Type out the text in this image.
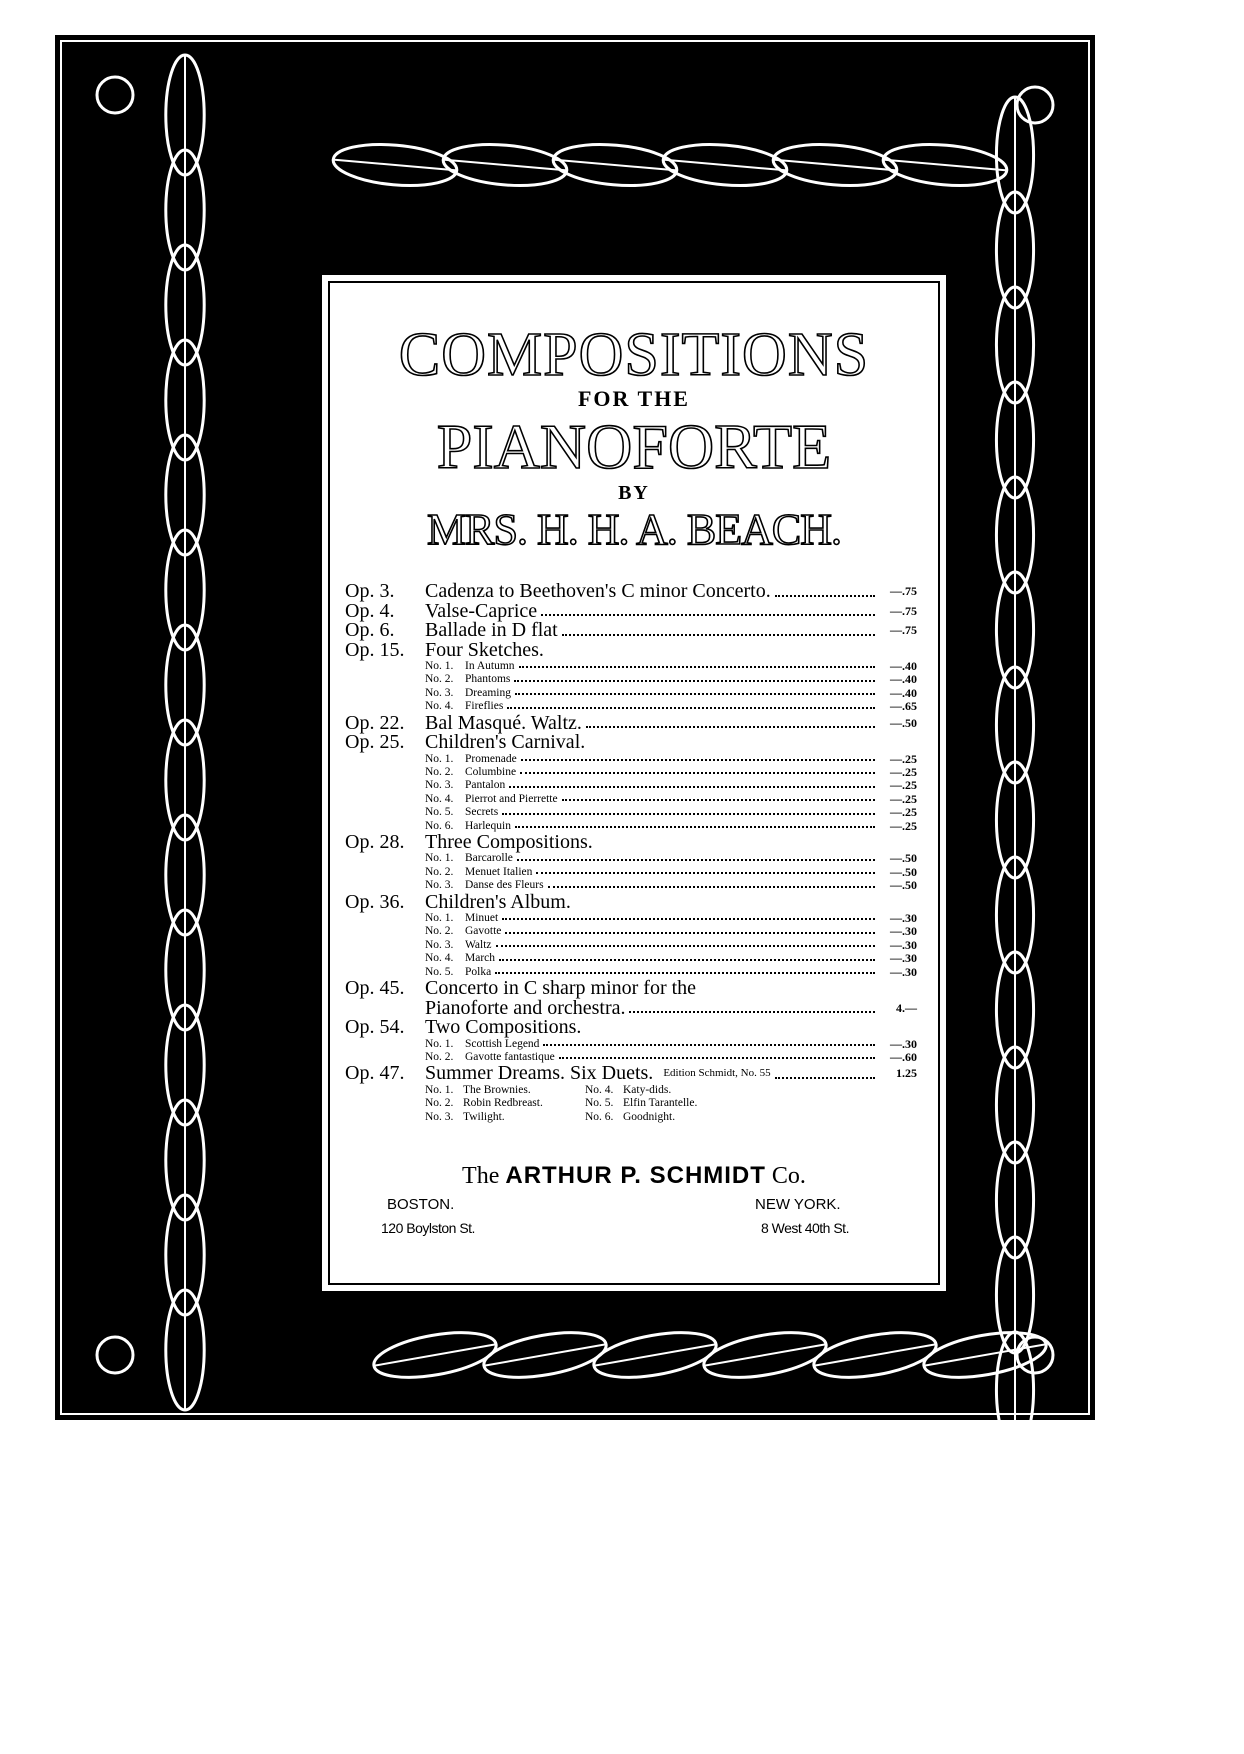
COMPOSITIONS
FOR THE
PIANOFORTE
BY
MRS. H. H. A. BEACH.
Op. 3.	Cadenza to Beethoven's C minor Concerto.	—.75
Op. 4.	Valse-Caprice	—.75
Op. 6.	Ballade in D flat	—.75
Op. 15.	Four Sketches.
No. 1.	In Autumn	—.40
No. 2.	Phantoms	—.40
No. 3.	Dreaming	—.40
No. 4.	Fireflies	—.65
Op. 22.	Bal Masqué. Waltz.	—.50
Op. 25.	Children's Carnival.
No. 1.	Promenade	—.25
No. 2.	Columbine	—.25
No. 3.	Pantalon	—.25
No. 4.	Pierrot and Pierrette	—.25
No. 5.	Secrets	—.25
No. 6.	Harlequin	—.25
Op. 28.	Three Compositions.
No. 1.	Barcarolle	—.50
No. 2.	Menuet Italien	—.50
No. 3.	Danse des Fleurs	—.50
Op. 36.	Children's Album.
No. 1.	Minuet	—.30
No. 2.	Gavotte	—.30
No. 3.	Waltz	—.30
No. 4.	March	—.30
No. 5.	Polka	—.30
Op. 45.	Concerto in C sharp minor for the
Pianoforte and orchestra.	4.—
Op. 54.	Two Compositions.
No. 1.	Scottish Legend	—.30
No. 2.	Gavotte fantastique	—.60
Op. 47.	Summer Dreams. Six Duets. Edition Schmidt, No. 55	1.25
No. 1. The Brownies.	No. 4. Katy-dids.
No. 2. Robin Redbreast.	No. 5. Elfin Tarantelle.
No. 3. Twilight.	No. 6. Goodnight.
The ARTHUR P. SCHMIDT Co.
BOSTON.
120 Boylston St.
NEW YORK.
8 West 40th St.
